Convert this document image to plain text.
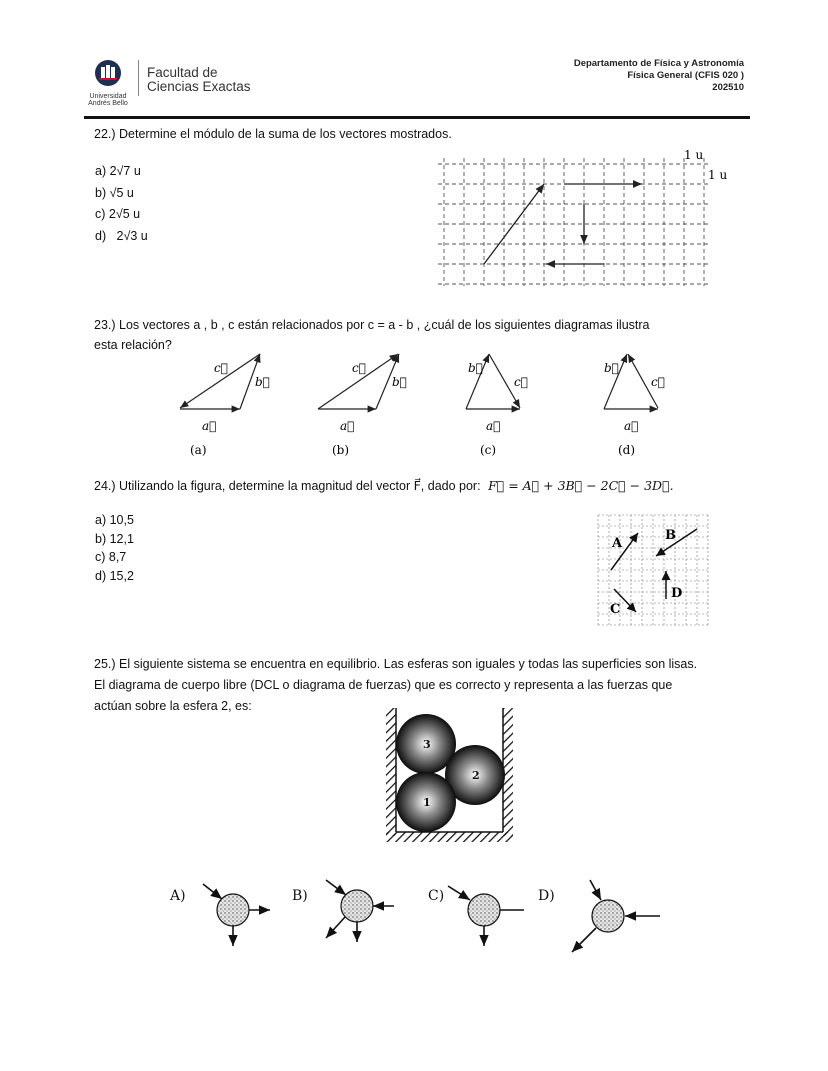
Universidad Andrés Bello
Facultad de
Ciencias Exactas
Departamento de Física y Astronomía
Física General (CFIS 020 )
202510
22.) Determine el módulo de la suma de los vectores mostrados.
a) 2√7 u
b) √5 u
c) 2√5 u
d) 2√3 u
1 u
1 u
23.) Los vectores a , b , c están relacionados por c = a - b , ¿cuál de los siguientes diagramas ilustra
esta relación?
c⃗
b⃗
a⃗
c⃗
b⃗
a⃗
b⃗
c⃗
a⃗
b⃗
c⃗
a⃗
(a)	(b)	(c)	(d)
24.) Utilizando la figura, determine la magnitud del vector F⃗, dado por: F⃗ = A⃗ + 3B⃗ − 2C⃗ − 3D⃗.
a) 10,5
b) 12,1
c) 8,7
d) 15,2
A
B
C
D
25.) El siguiente sistema se encuentra en equilibrio. Las esferas son iguales y todas las superficies son lisas.
El diagrama de cuerpo libre (DCL o diagrama de fuerzas) que es correcto y representa a las fuerzas que
actúan sobre la esfera 2, es:
3
2
1
A)	B)	C)	D)
